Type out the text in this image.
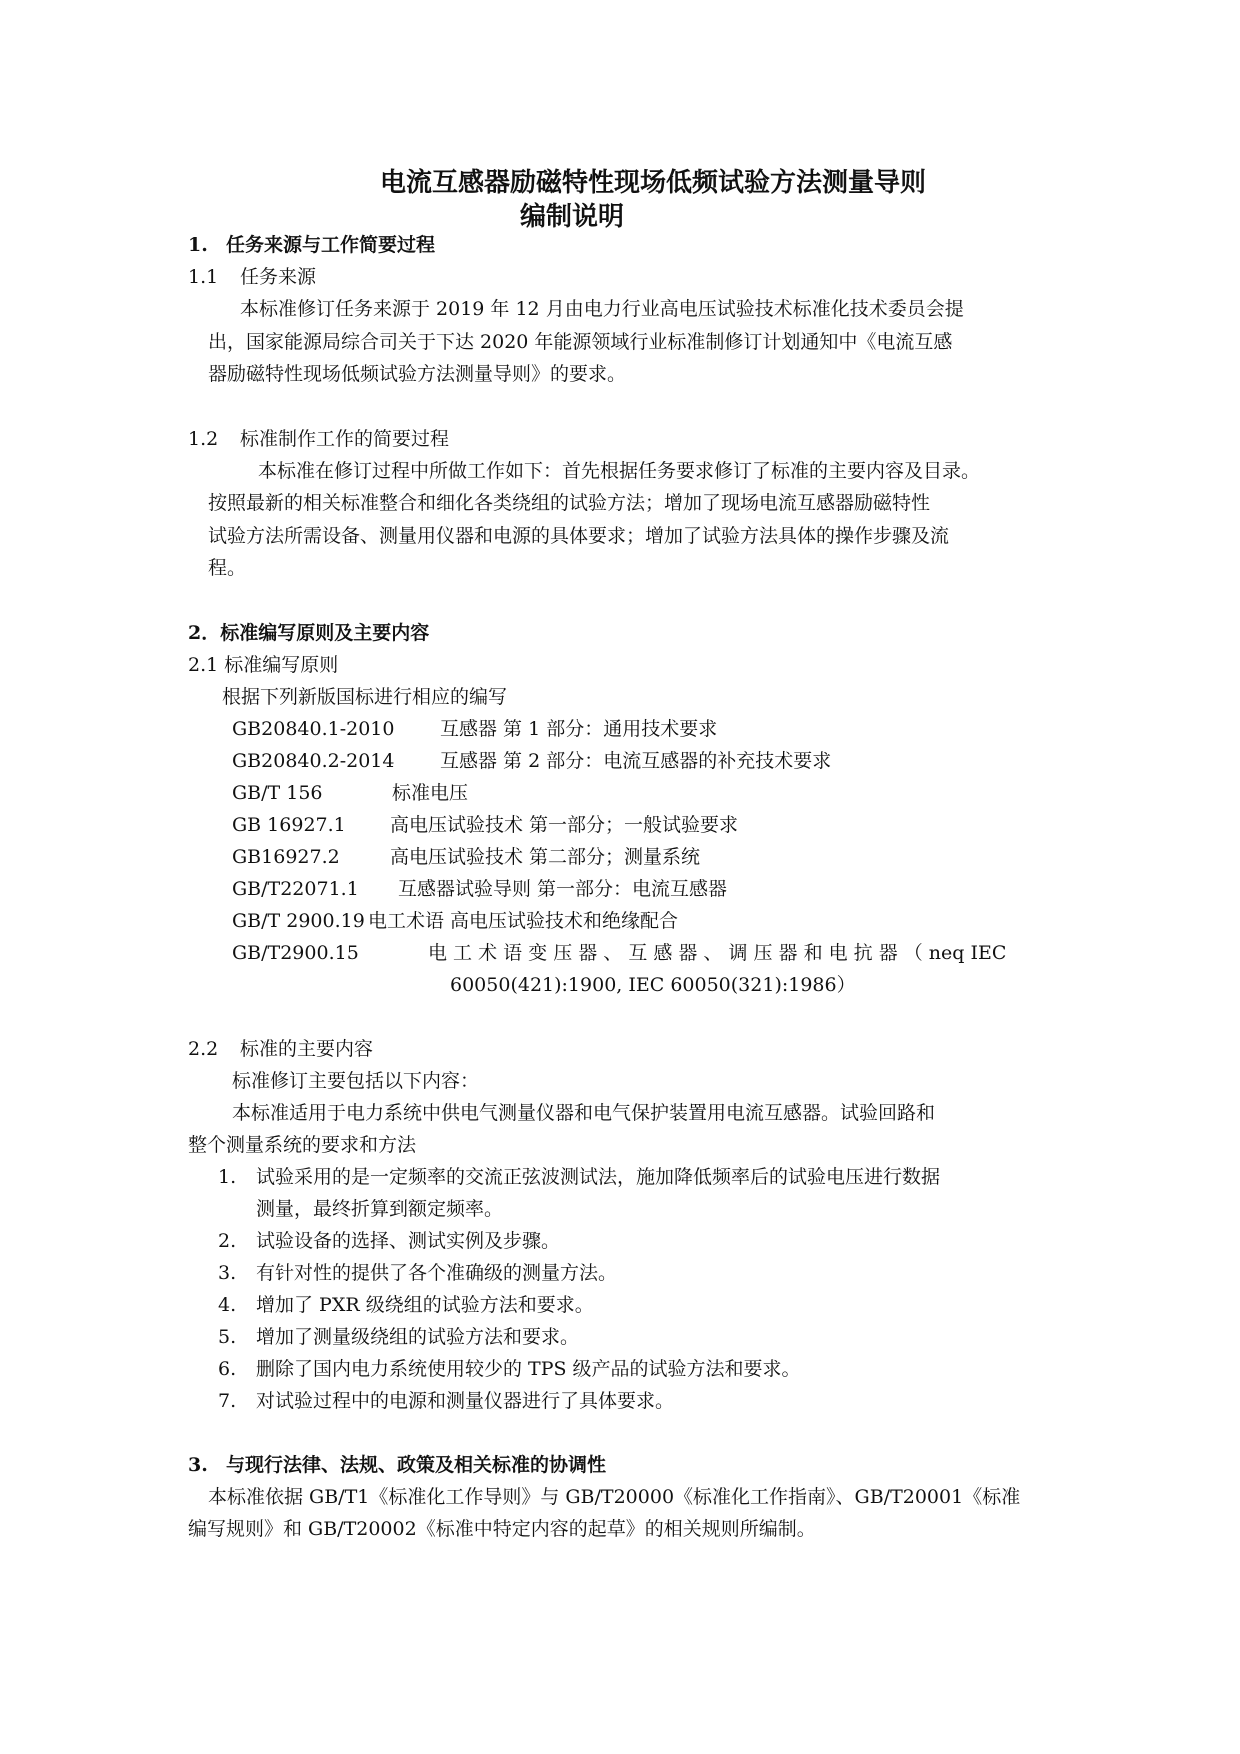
电流互感器励磁特性现场低频试验方法测量导则
编制说明
1. 任务来源与工作简要过程
1.1 任务来源
本标准修订任务来源于 2019 年 12 月由电力行业高电压试验技术标准化技术委员会提
出，国家能源局综合司关于下达 2020 年能源领域行业标准制修订计划通知中《电流互感
器励磁特性现场低频试验方法测量导则》的要求。
1.2 标准制作工作的简要过程
本标准在修订过程中所做工作如下：首先根据任务要求修订了标准的主要内容及目录。
按照最新的相关标准整合和细化各类绕组的试验方法；增加了现场电流互感器励磁特性
试验方法所需设备、测量用仪器和电源的具体要求；增加了试验方法具体的操作步骤及流
程。
2．标准编写原则及主要内容
2.1 标准编写原则
根据下列新版国标进行相应的编写
GB20840.1-2010 互感器 第 1 部分：通用技术要求
GB20840.2-2014 互感器 第 2 部分：电流互感器的补充技术要求
GB/T 156	标准电压
GB 16927.1 高电压试验技术 第一部分；一般试验要求
GB16927.2	高电压试验技术 第二部分；测量系统
GB/T22071.1 互感器试验导则 第一部分：电流互感器
GB/T 2900.19 电工术语 高电压试验技术和绝缘配合
GB/T2900.15	电 工 术 语 变 压 器 、 互 感 器 、 调 压 器 和 电 抗 器 （ neq IEC
60050(421):1900, IEC 60050(321):1986）
2.2 标准的主要内容
标准修订主要包括以下内容：
本标准适用于电力系统中供电气测量仪器和电气保护装置用电流互感器。试验回路和
整个测量系统的要求和方法
1. 试验采用的是一定频率的交流正弦波测试法，施加降低频率后的试验电压进行数据
测量，最终折算到额定频率。
2. 试验设备的选择、测试实例及步骤。
3. 有针对性的提供了各个准确级的测量方法。
4. 增加了 PXR 级绕组的试验方法和要求。
5. 增加了测量级绕组的试验方法和要求。
6. 删除了国内电力系统使用较少的 TPS 级产品的试验方法和要求。
7. 对试验过程中的电源和测量仪器进行了具体要求。
3. 与现行法律、法规、政策及相关标准的协调性
本标准依据 GB/T1《标准化工作导则》与 GB/T20000《标准化工作指南》、GB/T20001《标准
编写规则》和 GB/T20002《标准中特定内容的起草》的相关规则所编制。
